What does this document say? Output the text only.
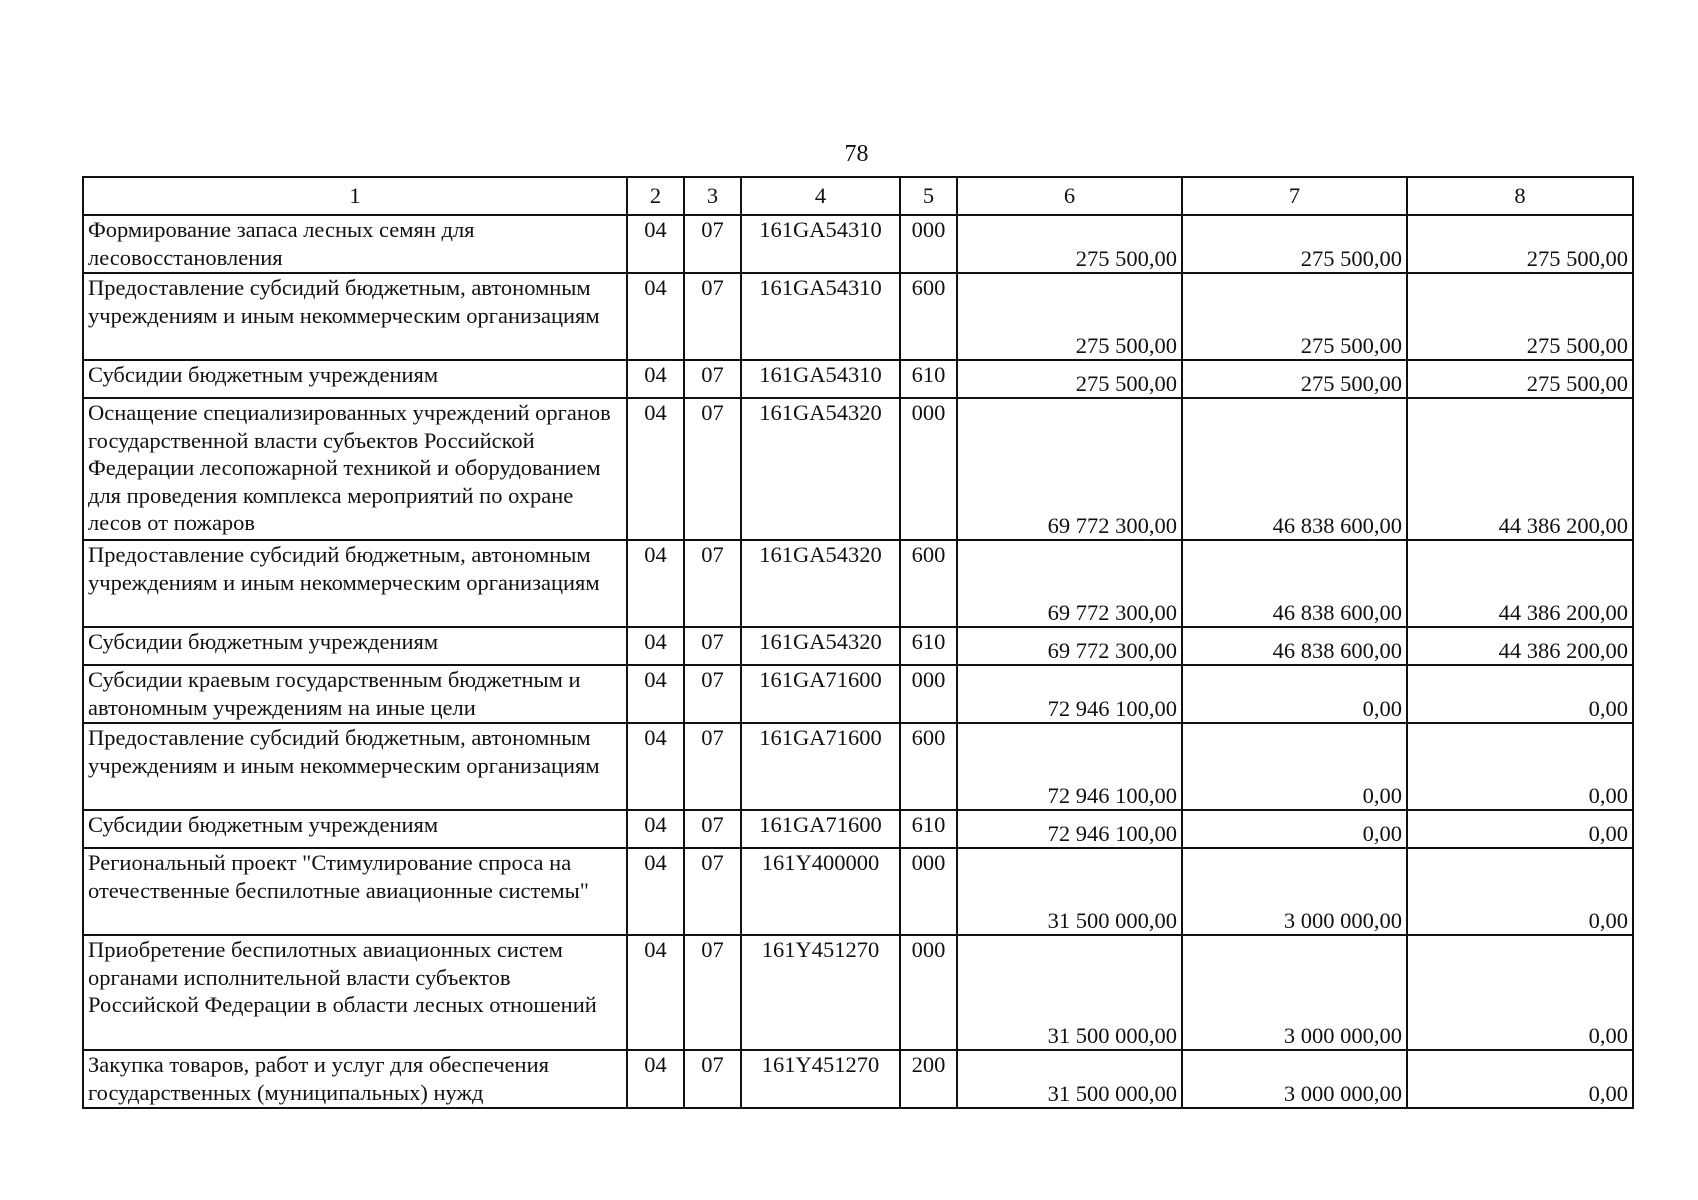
78
1	2	3	4	5	6	7	8
Формирование запаса лесных семян для лесовосстановления	04	07	161GA54310	000	275 500,00	275 500,00	275 500,00
Предоставление субсидий бюджетным, автономным учреждениям и иным некоммерческим организациям	04	07	161GA54310	600	275 500,00	275 500,00	275 500,00
Субсидии бюджетным учреждениям	04	07	161GA54310	610	275 500,00	275 500,00	275 500,00
Оснащение специализированных учреждений органов государственной власти субъектов Российской Федерации лесопожарной техникой и оборудованием для проведения комплекса мероприятий по охране лесов от пожаров	04	07	161GA54320	000	69 772 300,00	46 838 600,00	44 386 200,00
Предоставление субсидий бюджетным, автономным учреждениям и иным некоммерческим организациям	04	07	161GA54320	600	69 772 300,00	46 838 600,00	44 386 200,00
Субсидии бюджетным учреждениям	04	07	161GA54320	610	69 772 300,00	46 838 600,00	44 386 200,00
Субсидии краевым государственным бюджетным и автономным учреждениям на иные цели	04	07	161GA71600	000	72 946 100,00	0,00	0,00
Предоставление субсидий бюджетным, автономным учреждениям и иным некоммерческим организациям	04	07	161GA71600	600	72 946 100,00	0,00	0,00
Субсидии бюджетным учреждениям	04	07	161GA71600	610	72 946 100,00	0,00	0,00
Региональный проект "Стимулирование спроса на отечественные беспилотные авиационные системы"	04	07	161Y400000	000	31 500 000,00	3 000 000,00	0,00
Приобретение беспилотных авиационных систем органами исполнительной власти субъектов Российской Федерации в области лесных отношений	04	07	161Y451270	000	31 500 000,00	3 000 000,00	0,00
Закупка товаров, работ и услуг для обеспечения государственных (муниципальных) нужд	04	07	161Y451270	200	31 500 000,00	3 000 000,00	0,00
